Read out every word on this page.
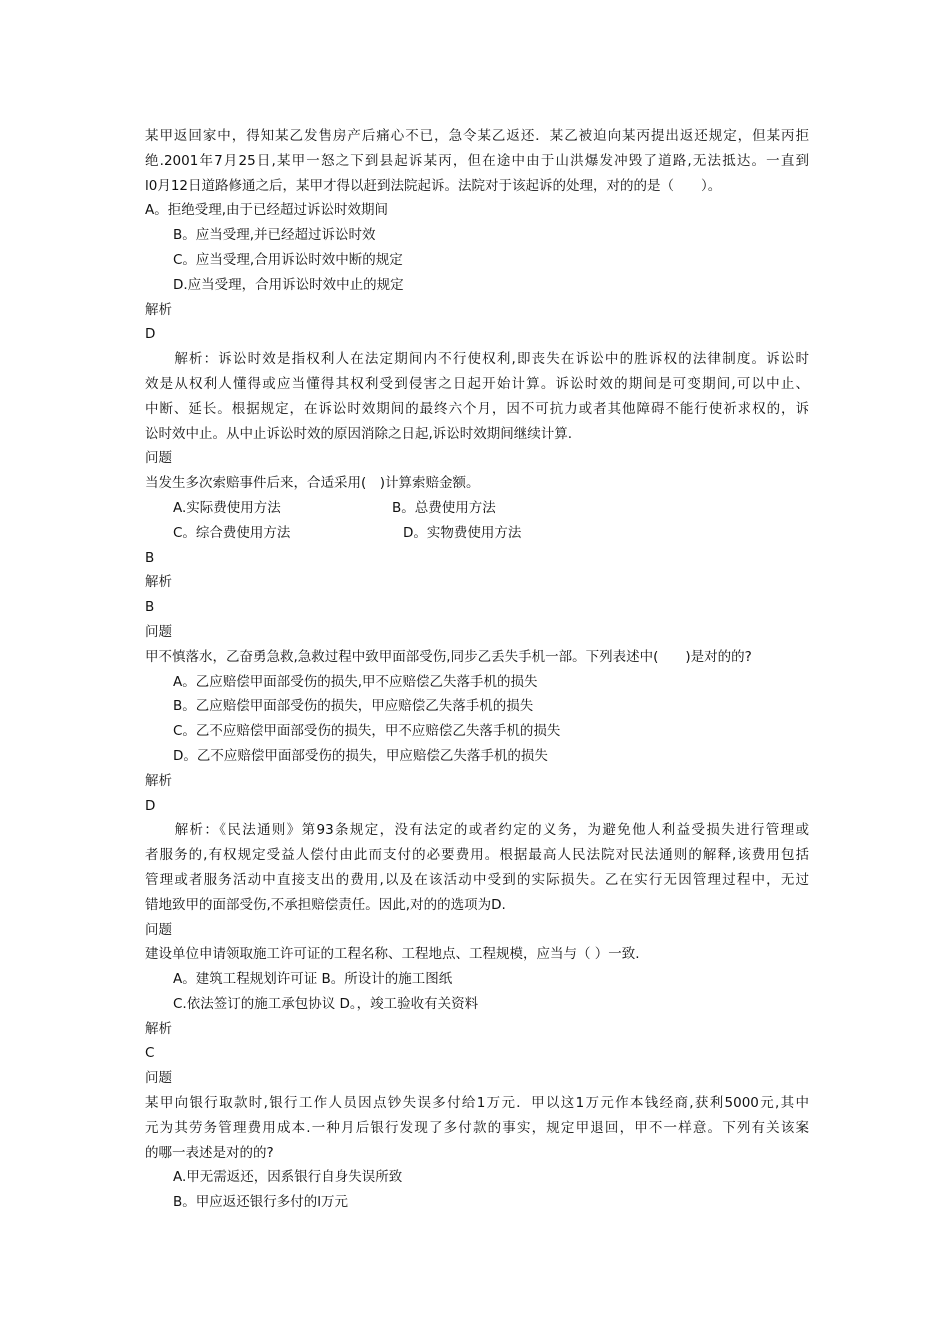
某甲返回家中，得知某乙发售房产后痛心不已，急令某乙返还．某乙被迫向某丙提出返还规定，但某丙拒
绝.2001年7月25日,某甲一怒之下到县起诉某丙，但在途中由于山洪爆发冲毁了道路,无法抵达。一直到
l0月12日道路修通之后，某甲才得以赶到法院起诉。法院对于该起诉的处理，对的的是（　　）。
A。拒绝受理,由于已经超过诉讼时效期间
B。应当受理,并已经超过诉讼时效
C。应当受理,合用诉讼时效中断的规定
D.应当受理，合用诉讼时效中止的规定
解析
D
　　解析：诉讼时效是指权利人在法定期间内不行使权利,即丧失在诉讼中的胜诉权的法律制度。诉讼时
效是从权利人懂得或应当懂得其权利受到侵害之日起开始计算。诉讼时效的期间是可变期间,可以中止、
中断、延长。根据规定，在诉讼时效期间的最终六个月，因不可抗力或者其他障碍不能行使祈求权的，诉
讼时效中止。从中止诉讼时效的原因消除之日起,诉讼时效期间继续计算.
问题
当发生多次索赔事件后来，合适采用(　)计算索赔金额。
A.实际费使用方法	B。总费使用方法
C。综合费使用方法	D。实物费使用方法
B
解析
B
问题
甲不慎落水，乙奋勇急救,急救过程中致甲面部受伤,同步乙丢失手机一部。下列表述中(　　)是对的的?
A。乙应赔偿甲面部受伤的损失,甲不应赔偿乙失落手机的损失
B。乙应赔偿甲面部受伤的损失，甲应赔偿乙失落手机的损失
C。乙不应赔偿甲面部受伤的损失，甲不应赔偿乙失落手机的损失
D。乙不应赔偿甲面部受伤的损失，甲应赔偿乙失落手机的损失
解析
D
　　解析：《民法通则》第93条规定，没有法定的或者约定的义务，为避免他人利益受损失进行管理或
者服务的,有权规定受益人偿付由此而支付的必要费用。根据最高人民法院对民法通则的解释,该费用包括
管理或者服务活动中直接支出的费用,以及在该活动中受到的实际损失。乙在实行无因管理过程中，无过
错地致甲的面部受伤,不承担赔偿责任。因此,对的的选项为D.
问题
建设单位申请领取施工许可证的工程名称、工程地点、工程规模，应当与（ ）一致.
A。建筑工程规划许可证 B。所设计的施工图纸
C.依法签订的施工承包协议 D。，竣工验收有关资料
解析
C
问题
某甲向银行取款时,银行工作人员因点钞失误多付给1万元．甲以这1万元作本钱经商,获利5000元,其中
元为其劳务管理费用成本.一种月后银行发现了多付款的事实，规定甲退回，甲不一样意。下列有关该案
的哪一表述是对的的?
A.甲无需返还，因系银行自身失误所致
B。甲应返还银行多付的l万元
